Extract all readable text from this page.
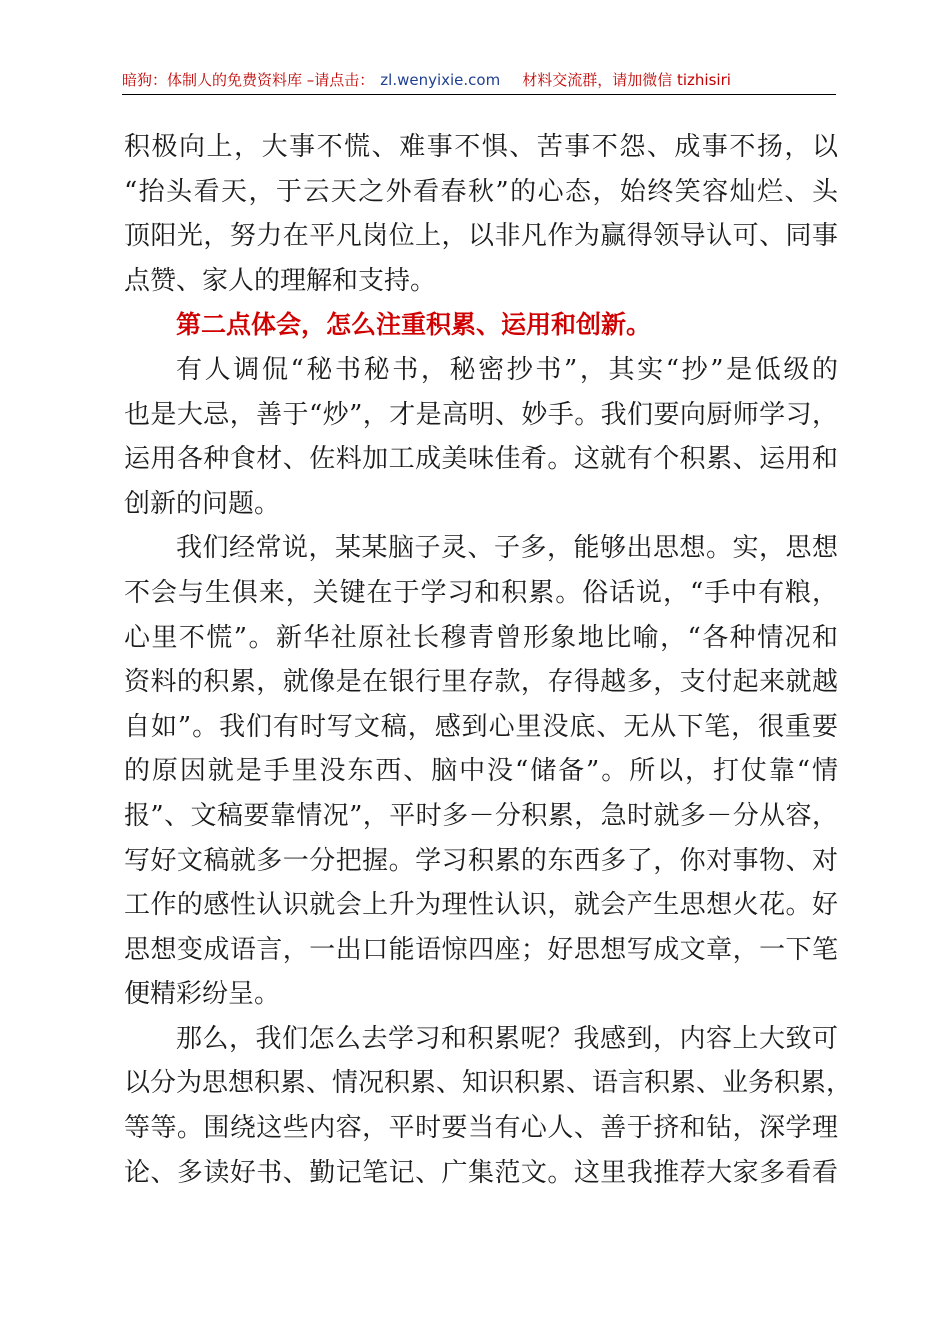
暗狗：体制人的免费资料库 –请点击： zl.wenyixie.com 材料交流群，请加微信 tizhisiri
积极向上，大事不慌、难事不惧、苦事不怨、成事不扬，以
“抬头看天，于云天之外看春秋”的心态，始终笑容灿烂、头
顶阳光，努力在平凡岗位上，以非凡作为赢得领导认可、同事
点赞、家人的理解和支持。
第二点体会，怎么注重积累、运用和创新。
有人调侃“秘书秘书，秘密抄书”，其实“抄”是低级的
也是大忌，善于“炒”，才是高明、妙手。我们要向厨师学习，
运用各种食材、佐料加工成美味佳肴。这就有个积累、运用和
创新的问题。
我们经常说，某某脑子灵、子多，能够出思想。实，思想
不会与生俱来，关键在于学习和积累。俗话说，“手中有粮，
心里不慌”。新华社原社长穆青曾形象地比喻，“各种情况和
资料的积累，就像是在银行里存款，存得越多，支付起来就越
自如”。我们有时写文稿，感到心里没底、无从下笔，很重要
的原因就是手里没东西、脑中没“储备”。所以，打仗靠“情
报”、文稿要靠情况”，平时多－分积累，急时就多－分从容，
写好文稿就多一分把握。学习积累的东西多了，你对事物、对
工作的感性认识就会上升为理性认识，就会产生思想火花。好
思想变成语言，一出口能语惊四座；好思想写成文章，一下笔
便精彩纷呈。
那么，我们怎么去学习和积累呢？我感到，内容上大致可
以分为思想积累、情况积累、知识积累、语言积累、业务积累，
等等。围绕这些内容，平时要当有心人、善于挤和钻，深学理
论、多读好书、勤记笔记、广集范文。这里我推荐大家多看看
